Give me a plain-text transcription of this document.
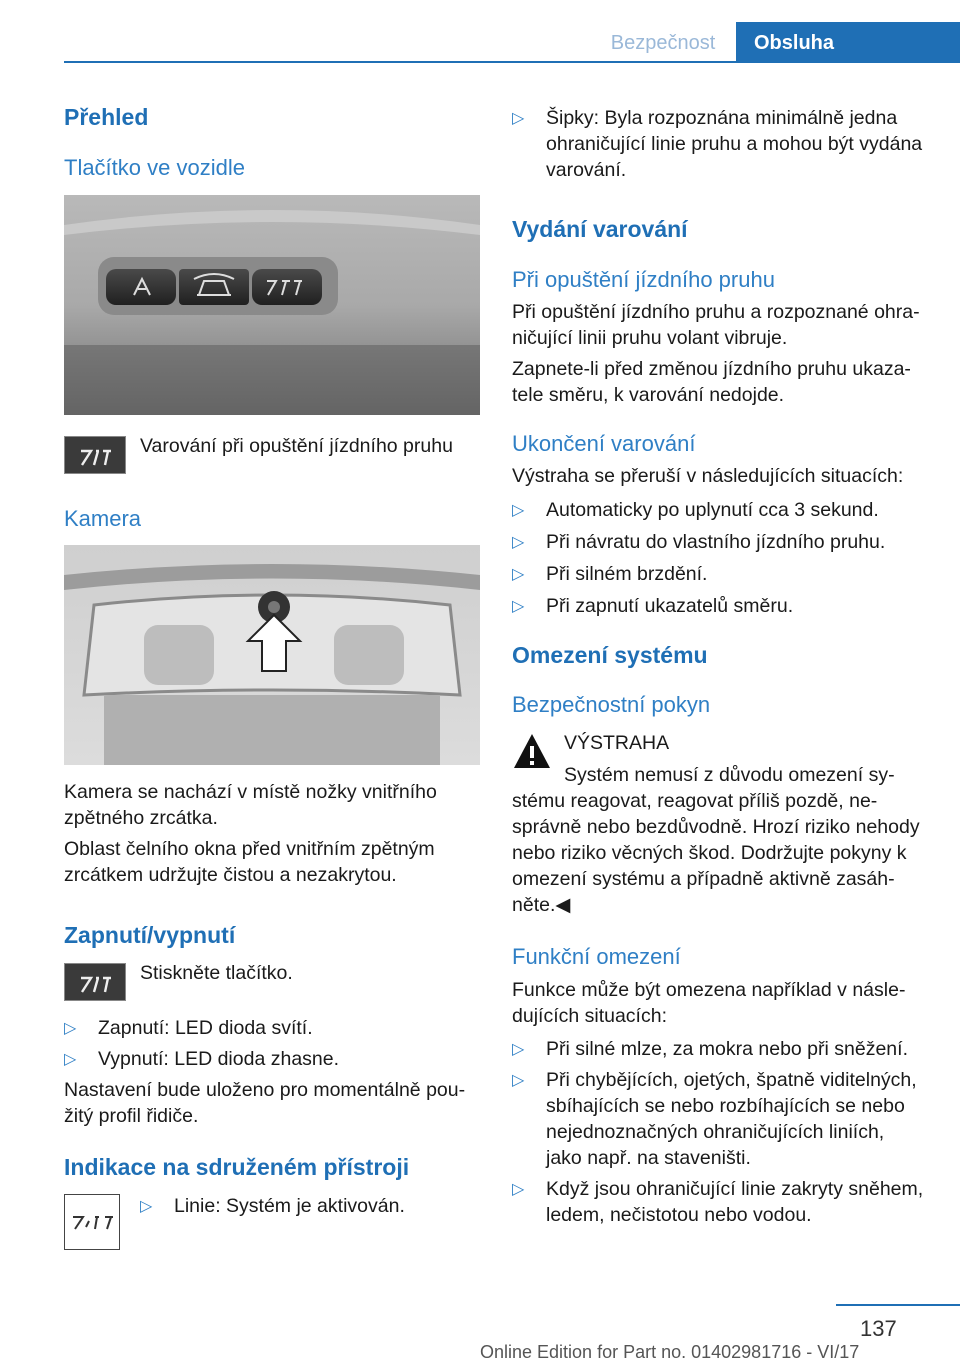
Bezpečnost	Obsluha
Přehled
Tlačítko ve vozidle
Varování při opuštění jízdního pruhu
Kamera
Kamera se nachází v místě nožky vnitřního
zpětného zrcátka.
Oblast čelního okna před vnitřním zpětným
zrcátkem udržujte čistou a nezakrytou.
Zapnutí/vypnutí
Stiskněte tlačítko.
▷ Zapnutí: LED dioda svítí.
▷ Vypnutí: LED dioda zhasne.
Nastavení bude uloženo pro momentálně pou‐
žitý profil řidiče.
Indikace na sdruženém přístroji
▷ Linie: Systém je aktivován.
▷ Šipky: Byla rozpoznána minimálně jedna
ohraničující linie pruhu a mohou být vydána
varování.
Vydání varování
Při opuštění jízdního pruhu
Při opuštění jízdního pruhu a rozpoznané ohra‐
ničující linii pruhu volant vibruje.
Zapnete-li před změnou jízdního pruhu ukaza‐
tele směru, k varování nedojde.
Ukončení varování
Výstraha se přeruší v následujících situacích:
▷ Automaticky po uplynutí cca 3 sekund.
▷ Při návratu do vlastního jízdního pruhu.
▷ Při silném brzdění.
▷ Při zapnutí ukazatelů směru.
Omezení systému
Bezpečnostní pokyn
VÝSTRAHA
Systém nemusí z důvodu omezení sy‐
stému reagovat, reagovat příliš pozdě, ne‐
správně nebo bezdůvodně. Hrozí riziko nehody
nebo riziko věcných škod. Dodržujte pokyny k
omezení systému a případně aktivně zasáh‐
něte.◀
Funkční omezení
Funkce může být omezena například v násle‐
dujících situacích:
▷ Při silné mlze, za mokra nebo při sněžení.
▷ Při chybějících, ojetých, špatně viditelných,
sbíhajících se nebo rozbíhajících se nebo
nejednoznačných ohraničujících liniích,
jako např. na staveništi.
▷ Když jsou ohraničující linie zakryty sněhem,
ledem, nečistotou nebo vodou.
137
Online Edition for Part no. 01402981716 - VI/17
